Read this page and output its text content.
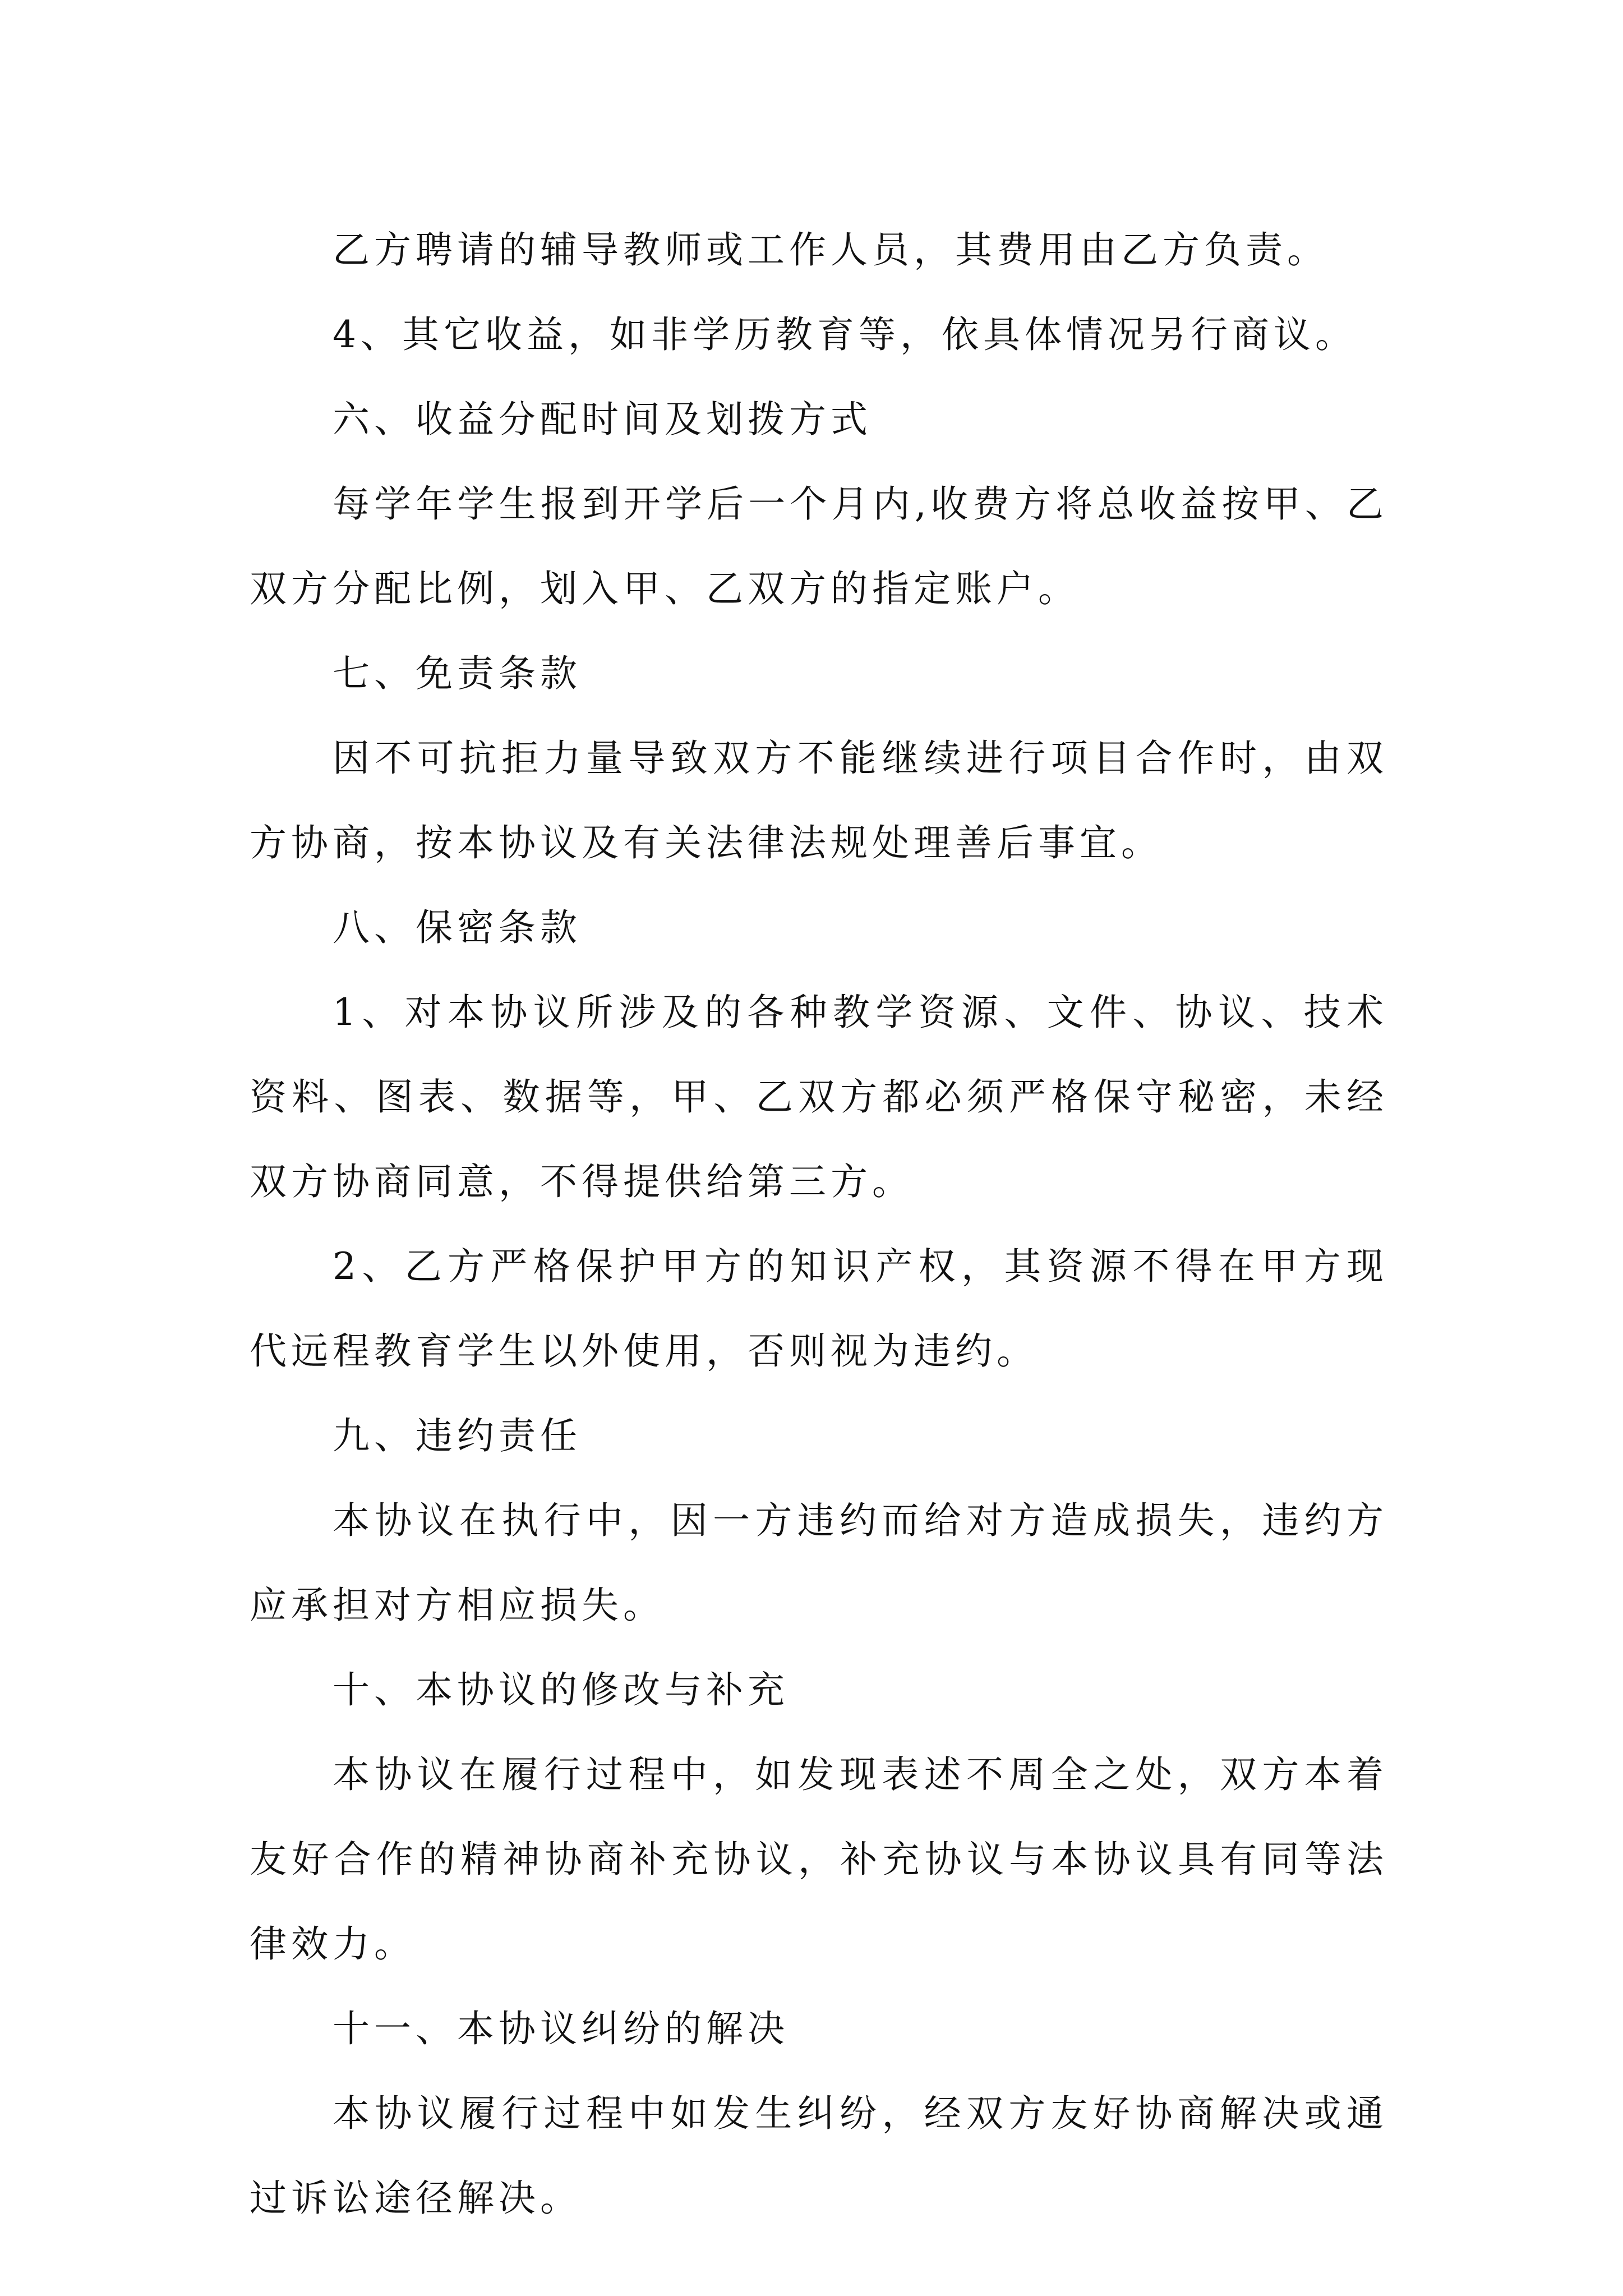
乙方聘请的辅导教师或工作人员，其费用由乙方负责。

4、其它收益，如非学历教育等，依具体情况另行商议。

六、收益分配时间及划拨方式

每学年学生报到开学后一个月内,收费方将总收益按甲、乙双方分配比例，划入甲、乙双方的指定账户。

七、免责条款

因不可抗拒力量导致双方不能继续进行项目合作时，由双方协商，按本协议及有关法律法规处理善后事宜。

八、保密条款

1、对本协议所涉及的各种教学资源、文件、协议、技术资料、图表、数据等，甲、乙双方都必须严格保守秘密，未经双方协商同意，不得提供给第三方。

2、乙方严格保护甲方的知识产权，其资源不得在甲方现代远程教育学生以外使用，否则视为违约。

九、违约责任

本协议在执行中，因一方违约而给对方造成损失，违约方应承担对方相应损失。

十、本协议的修改与补充

本协议在履行过程中，如发现表述不周全之处，双方本着友好合作的精神协商补充协议，补充协议与本协议具有同等法律效力。

十一、本协议纠纷的解决

本协议履行过程中如发生纠纷，经双方友好协商解决或通过诉讼途径解决。
